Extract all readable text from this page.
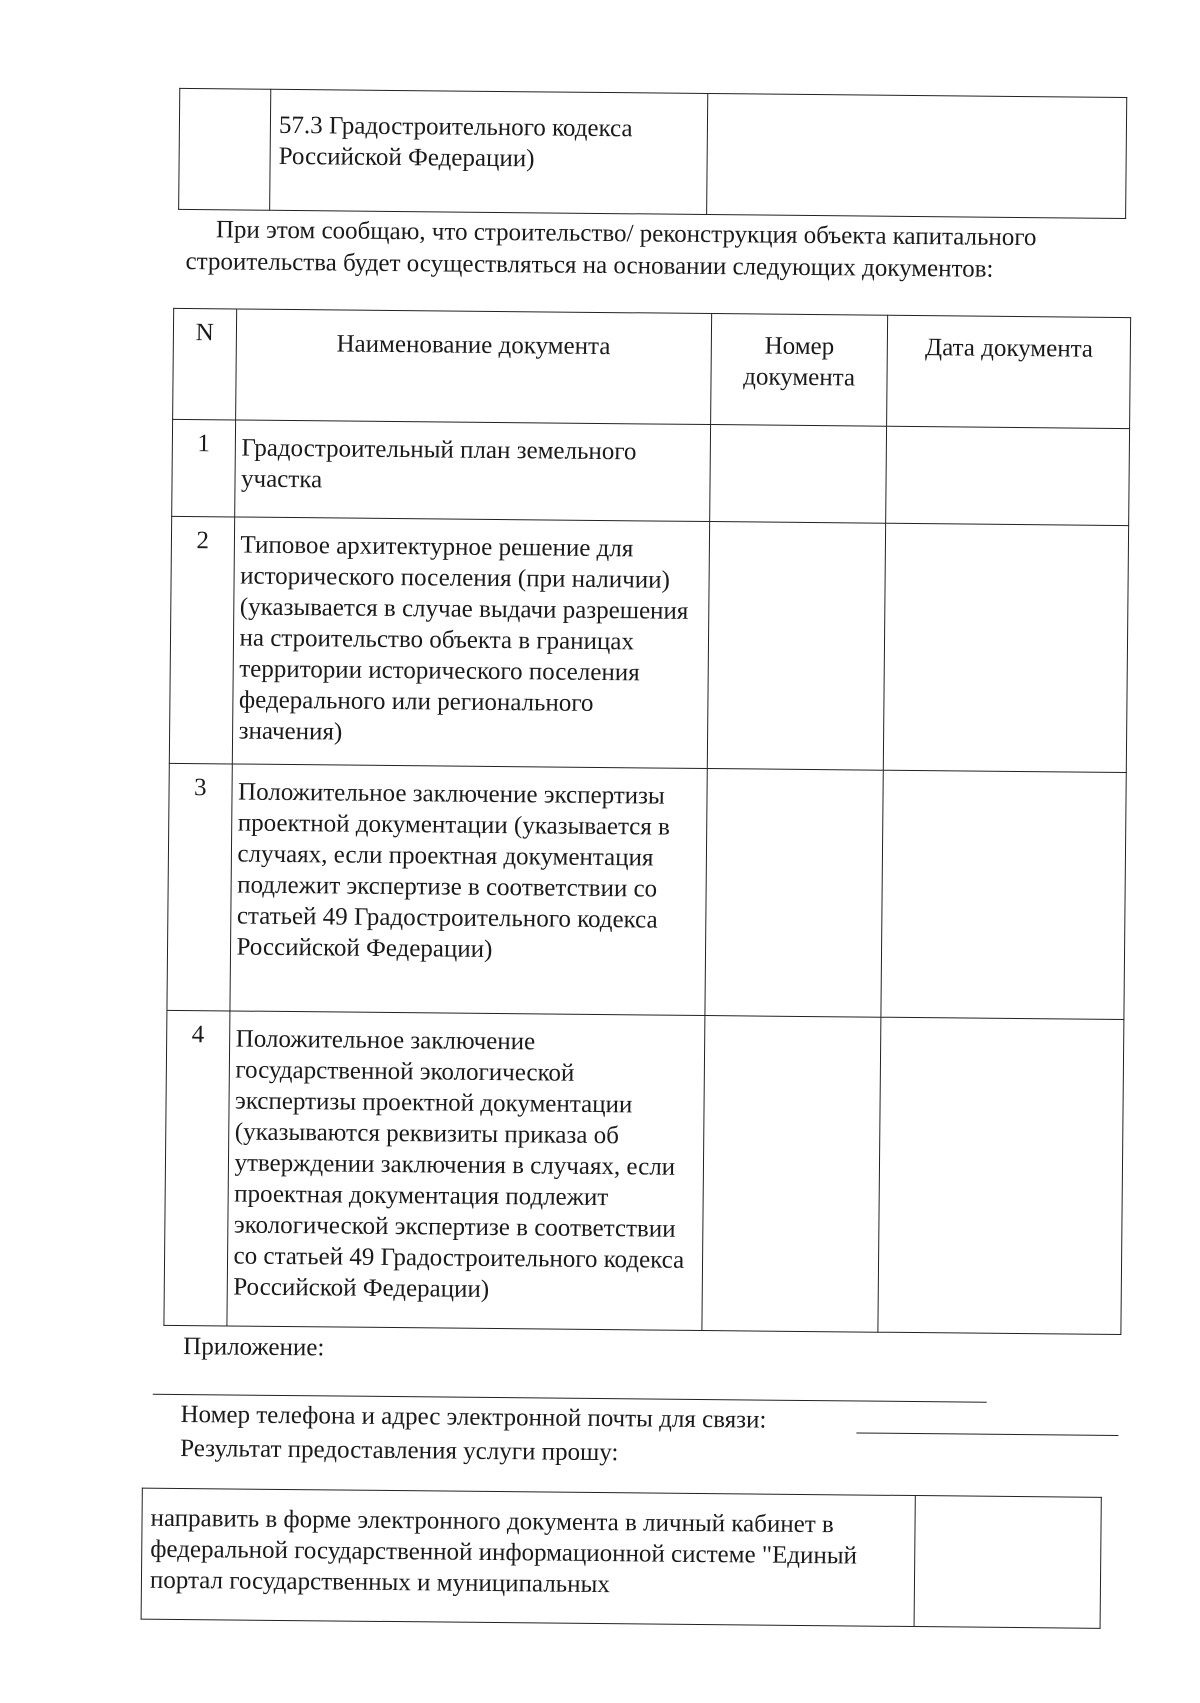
	57.3 Градостроительного кодекса Российской Федерации)	

При этом сообщаю, что строительство/ реконструкция объекта капитального строительства будет осуществляться на основании следующих документов:

N	Наименование документа	Номер документа	Дата документа
1	Градостроительный план земельного участка		
2	Типовое архитектурное решение для исторического поселения (при наличии) (указывается в случае выдачи разрешения на строительство объекта в границах территории исторического поселения федерального или регионального значения)		
3	Положительное заключение экспертизы проектной документации (указывается в случаях, если проектная документация подлежит экспертизе в соответствии со статьей 49 Градостроительного кодекса Российской Федерации)		
4	Положительное заключение государственной экологической экспертизы проектной документации (указываются реквизиты приказа об утверждении заключения в случаях, если проектная документация подлежит экологической экспертизе в соответствии со статьей 49 Градостроительного кодекса Российской Федерации)		
Приложение:
Номер телефона и адрес электронной почты для связи:
Результат предоставления услуги прошу:
направить в форме электронного документа в личный кабинет в федеральной государственной информационной системе "Единый портал государственных и муниципальных	
